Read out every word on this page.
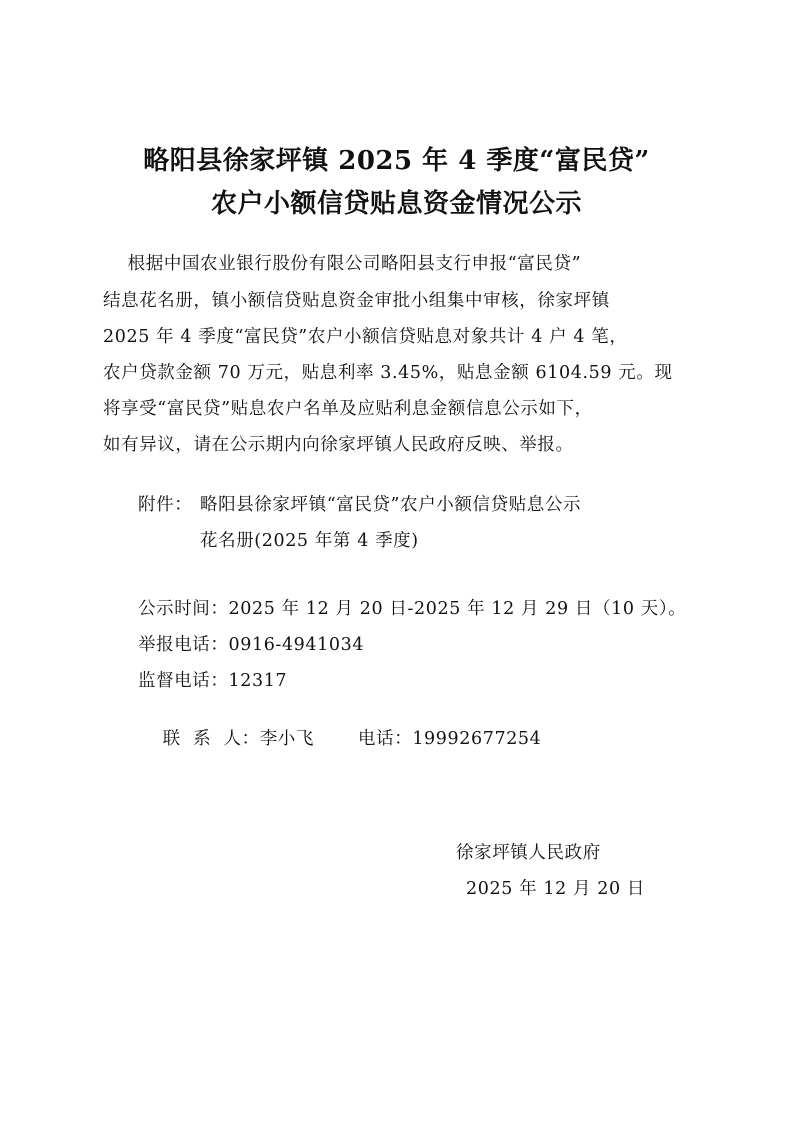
略阳县徐家坪镇 2025 年 4 季度“富民贷”
农户小额信贷贴息资金情况公示
根据中国农业银行股份有限公司略阳县支行申报“富民贷”
结息花名册，镇小额信贷贴息资金审批小组集中审核，徐家坪镇
2025 年 4 季度“富民贷”农户小额信贷贴息对象共计 4 户 4 笔，
农户贷款金额 70 万元，贴息利率 3.45%，贴息金额 6104.59 元。现
将享受“富民贷”贴息农户名单及应贴利息金额信息公示如下，
如有异议，请在公示期内向徐家坪镇人民政府反映、举报。
附件： 略阳县徐家坪镇“富民贷”农户小额信贷贴息公示
花名册(2025 年第 4 季度)
公示时间：2025 年 12 月 20 日-2025 年 12 月 29 日（10 天）。
举报电话：0916-4941034
监督电话：12317

联  系  人：李小飞	电话：19992677254

徐家坪镇人民政府
2025 年 12 月 20 日
